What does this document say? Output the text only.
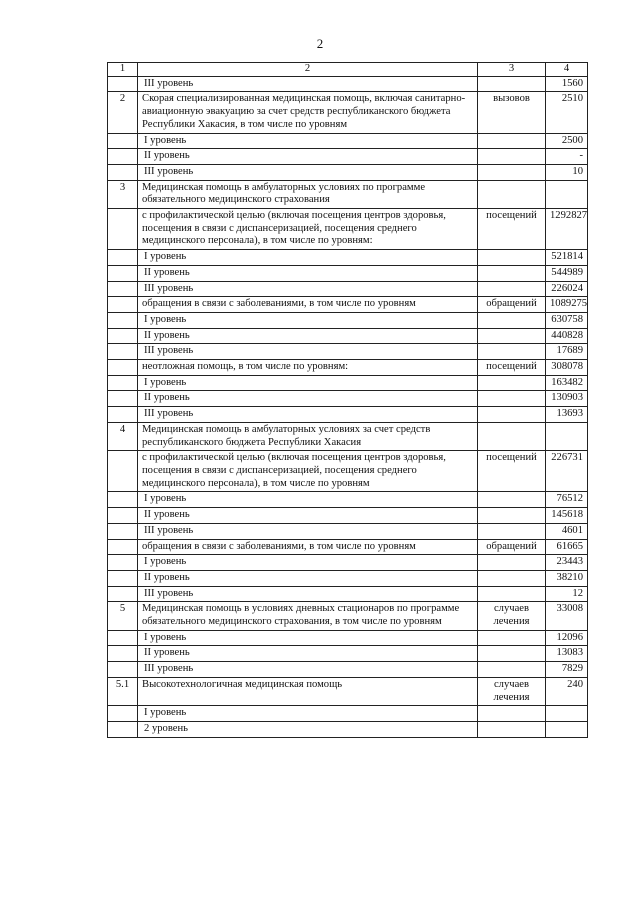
2
1	2	3	4
	III уровень		1560
2	Скорая специализированная медицинская помощь, включая санитарно-авиационную эвакуацию за счет средств республиканского бюджета Республики Хакасия, в том числе по уровням	вызовов	2510
	I уровень		2500
	II уровень		-
	III уровень		10
3	Медицинская помощь в амбулаторных условиях по программе обязательного медицинского страхования		
	с профилактической целью (включая посещения центров здоровья, посещения в связи с диспансеризацией, посещения среднего медицинского персонала), в том числе по уровням:	посещений	1292827
	I уровень		521814
	II уровень		544989
	III уровень		226024
	обращения в связи с заболеваниями, в том числе по уровням	обращений	1089275
	I уровень		630758
	II уровень		440828
	III уровень		17689
	неотложная помощь, в том числе по уровням:	посещений	308078
	I уровень		163482
	II уровень		130903
	III уровень		13693
4	Медицинская помощь в амбулаторных условиях за счет средств республиканского бюджета Республики Хакасия		
	с профилактической целью (включая посещения центров здоровья, посещения в связи с диспансеризацией, посещения среднего медицинского персонала), в том числе по уровням	посещений	226731
	I уровень		76512
	II уровень		145618
	III уровень		4601
	обращения в связи с заболеваниями, в том числе по уровням	обращений	61665
	I уровень		23443
	II уровень		38210
	III уровень		12
5	Медицинская помощь в условиях дневных стационаров по программе обязательного медицинского страхования, в том числе по уровням	случаев лечения	33008
	I уровень		12096
	II уровень		13083
	III уровень		7829
5.1	Высокотехнологичная медицинская помощь	случаев лечения	240
	I уровень		
	2 уровень		
